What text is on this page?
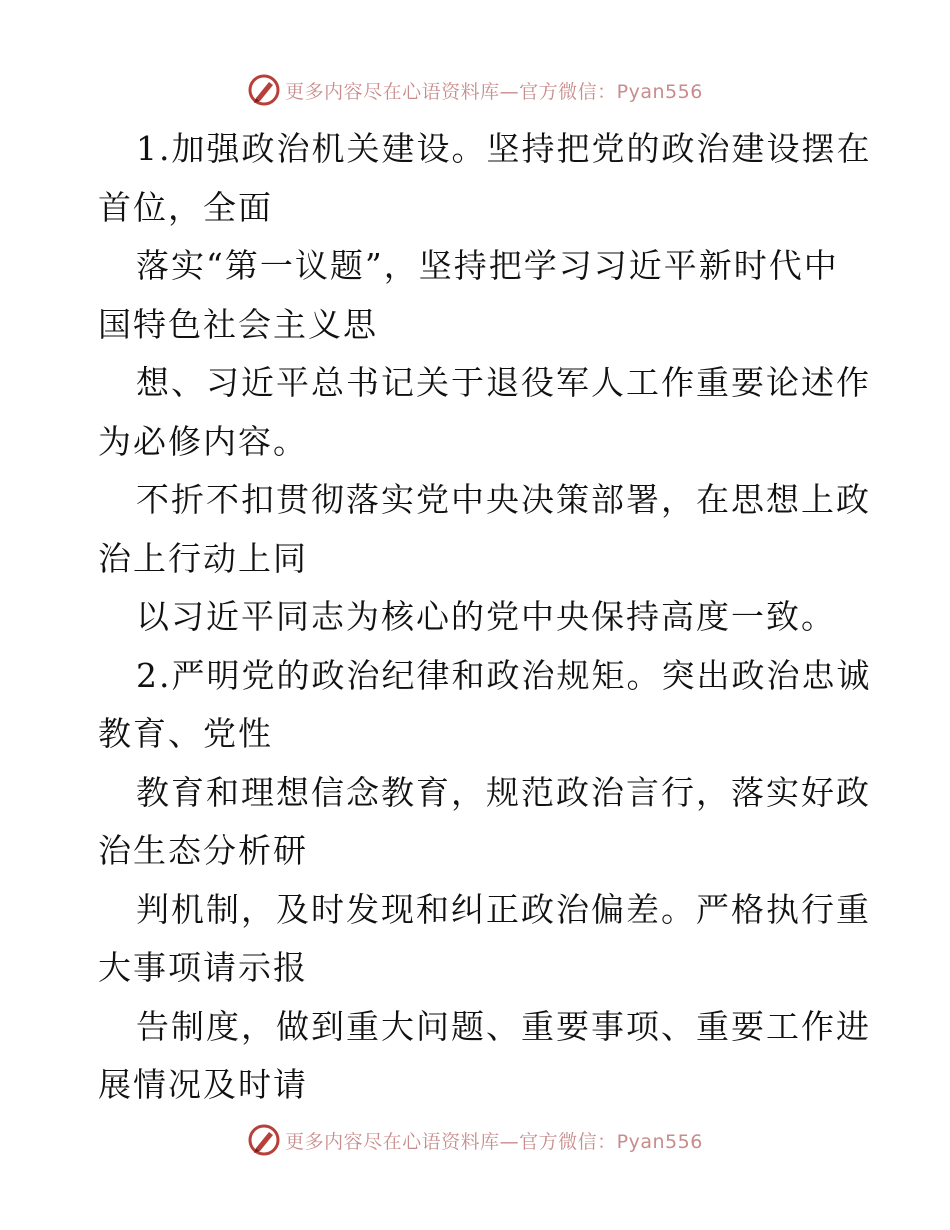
更多内容尽在心语资料库—官方微信：Pyan556
1.加强政治机关建设。坚持把党的政治建设摆在
首位，全面
落实“第一议题”，坚持把学习习近平新时代中
国特色社会主义思
想、习近平总书记关于退役军人工作重要论述作
为必修内容。
不折不扣贯彻落实党中央决策部署，在思想上政
治上行动上同
以习近平同志为核心的党中央保持高度一致。
2.严明党的政治纪律和政治规矩。突出政治忠诚
教育、党性
教育和理想信念教育，规范政治言行，落实好政
治生态分析研
判机制，及时发现和纠正政治偏差。严格执行重
大事项请示报
告制度，做到重大问题、重要事项、重要工作进
展情况及时请
更多内容尽在心语资料库—官方微信：Pyan556
